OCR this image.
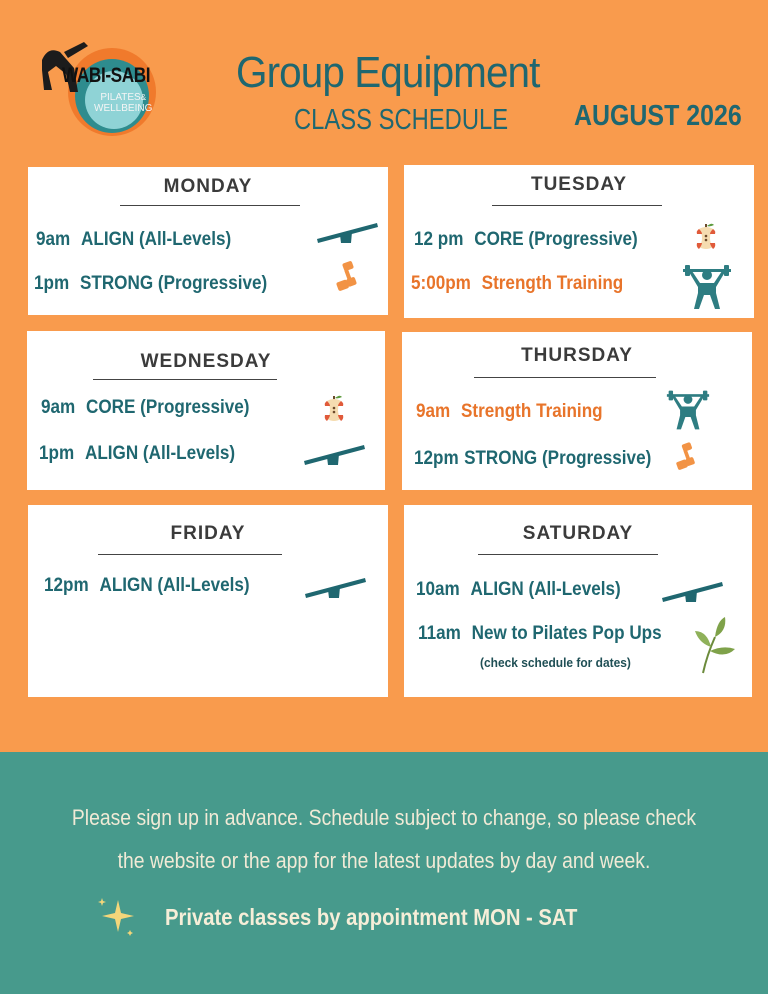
WABI-SABI
PILATES&
WELLBEING
Group Equipment
CLASS SCHEDULE AUGUST 2026
MONDAY
9am ALIGN (All-Levels)
1pm STRONG (Progressive)
TUESDAY
12 pm CORE (Progressive)
5:00pm Strength Training
WEDNESDAY
9am CORE (Progressive)
1pm ALIGN (All-Levels)
THURSDAY
9am Strength Training
12pm STRONG (Progressive)
FRIDAY
12pm ALIGN (All-Levels)
SATURDAY
10am ALIGN (All-Levels)
11am New to Pilates Pop Ups
(check schedule for dates)
Please sign up in advance. Schedule subject to change, so please check
the website or the app for the latest updates by day and week.
Private classes by appointment MON - SAT
